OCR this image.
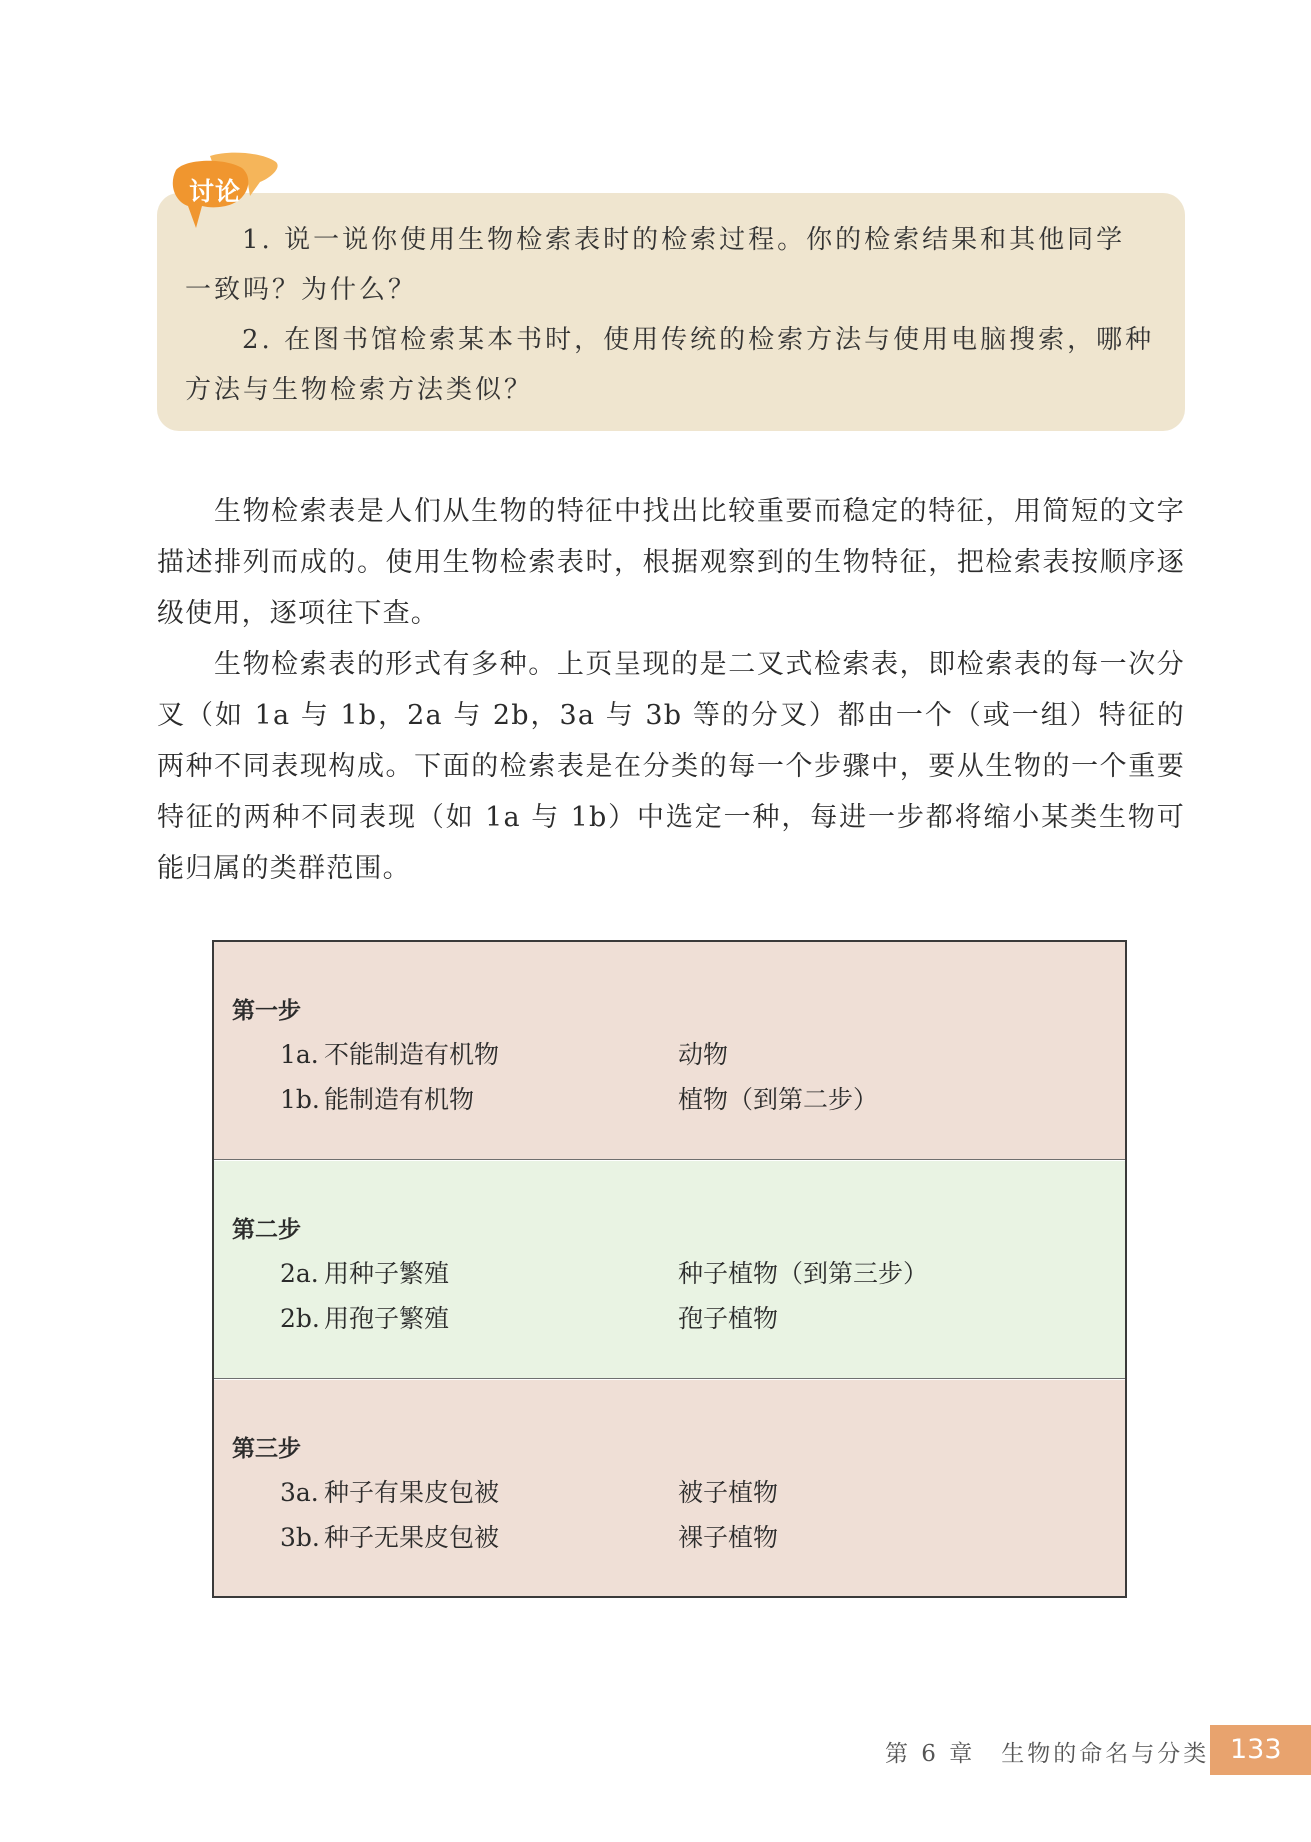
讨论

1. 说一说你使用生物检索表时的检索过程。你的检索结果和其他同学

一致吗？为什么？

2. 在图书馆检索某本书时，使用传统的检索方法与使用电脑搜索，哪种

方法与生物检索方法类似？

生物检索表是人们从生物的特征中找出比较重要而稳定的特征，用简短的文字描述排列而成的。使用生物检索表时，根据观察到的生物特征，把检索表按顺序逐级使用，逐项往下查。

生物检索表的形式有多种。上页呈现的是二叉式检索表，即检索表的每一次分叉（如 1a 与 1b，2a 与 2b，3a 与 3b 等的分叉）都由一个（或一组）特征的两种不同表现构成。下面的检索表是在分类的每一个步骤中，要从生物的一个重要特征的两种不同表现（如 1a 与 1b）中选定一种，每进一步都将缩小某类生物可能归属的类群范围。

第一步
1a. 不能制造有机物	动物
1b. 能制造有机物	植物（到第二步）
第二步
2a. 用种子繁殖	种子植物（到第三步）
2b. 用孢子繁殖	孢子植物
第三步
3a. 种子有果皮包被	被子植物
3b. 种子无果皮包被	裸子植物
第 6 章　生物的命名与分类 133
